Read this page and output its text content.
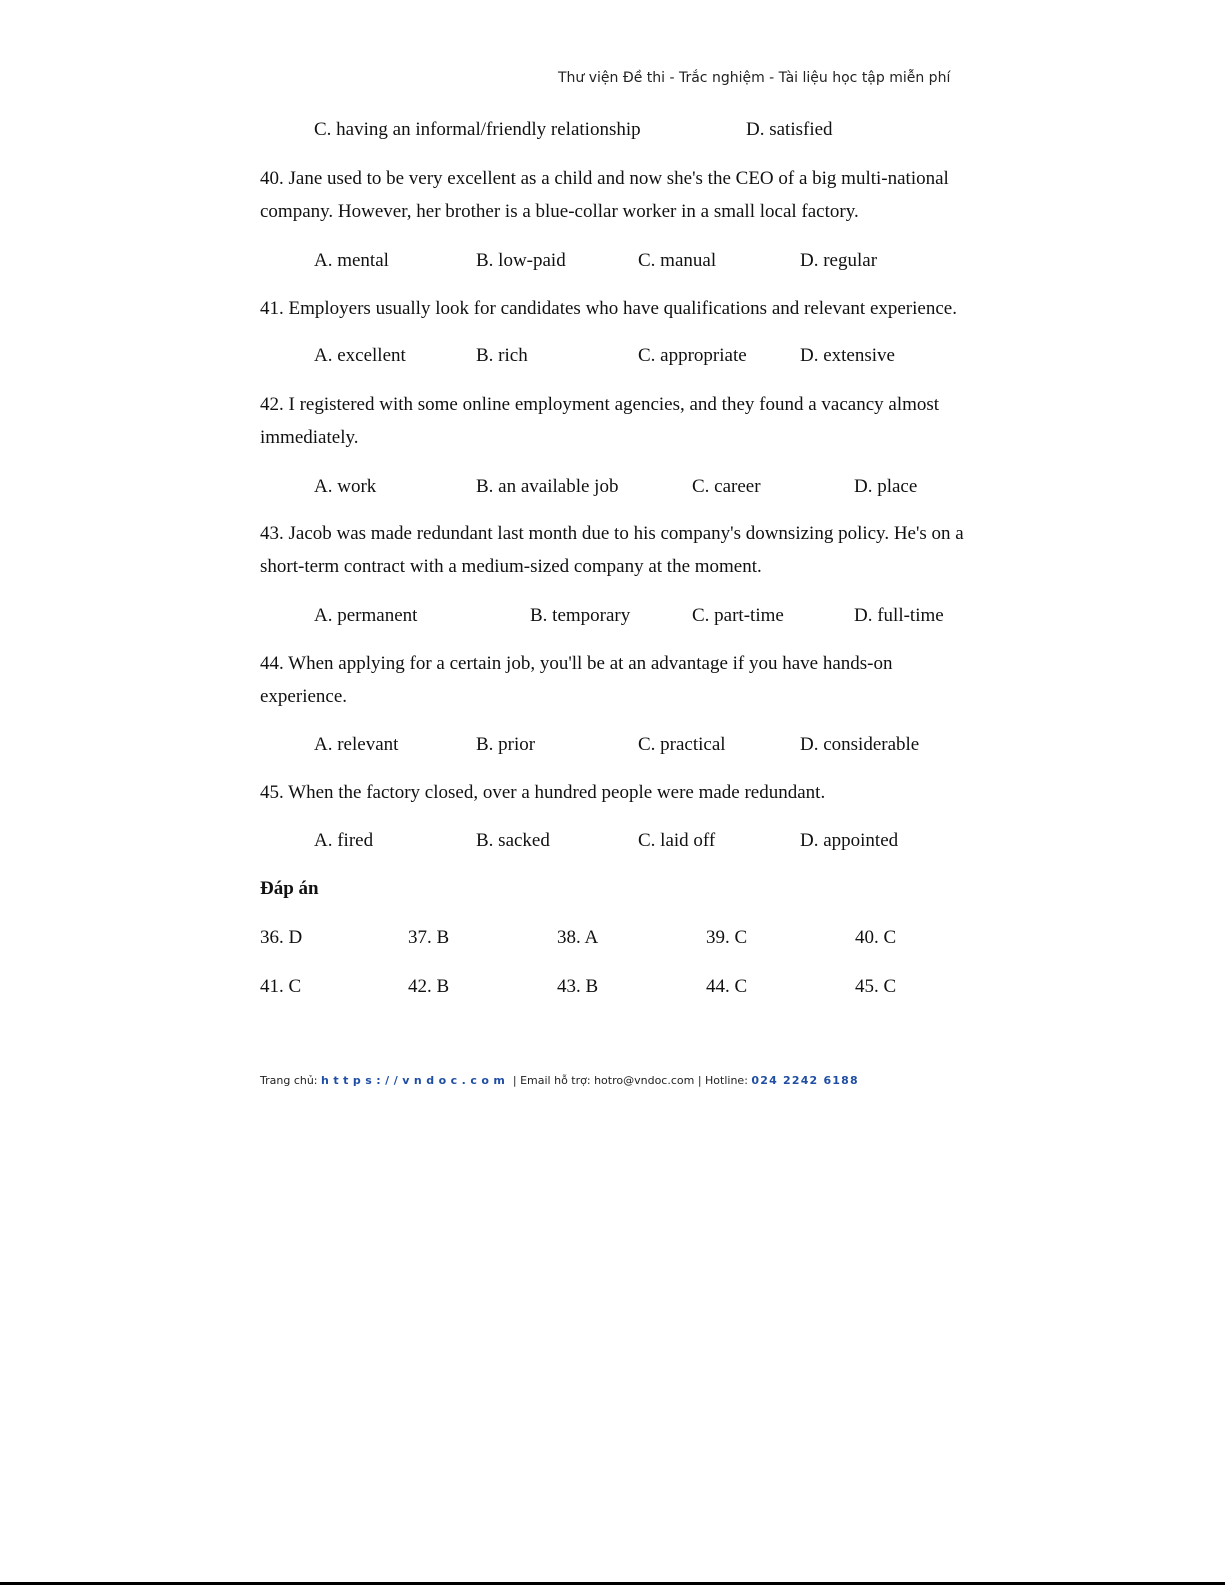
Thư viện Đề thi - Trắc nghiệm - Tài liệu học tập miễn phí
C. having an informal/friendly relationship	D. satisfied
40. Jane used to be very excellent as a child and now she's the CEO of a big multi-national
company. However, her brother is a blue-collar worker in a small local factory.
A. mental	B. low-paid	C. manual	D. regular
41. Employers usually look for candidates who have qualifications and relevant experience.
A. excellent	B. rich	C. appropriate	D. extensive
42. I registered with some online employment agencies, and they found a vacancy almost
immediately.
A. work	B. an available job	C. career	D. place
43. Jacob was made redundant last month due to his company's downsizing policy. He's on a
short-term contract with a medium-sized company at the moment.
A. permanent	B. temporary	C. part-time	D. full-time
44. When applying for a certain job, you'll be at an advantage if you have hands-on
experience.
A. relevant	B. prior	C. practical	D. considerable
45. When the factory closed, over a hundred people were made redundant.
A. fired	B. sacked	C. laid off	D. appointed
Đáp án
36. D	37. B	38. A	39. C	40. C
41. C	42. B	43. B	44. C	45. C
Trang chủ: https://vndoc.com | Email hỗ trợ: hotro@vndoc.com | Hotline: 024 2242 6188
